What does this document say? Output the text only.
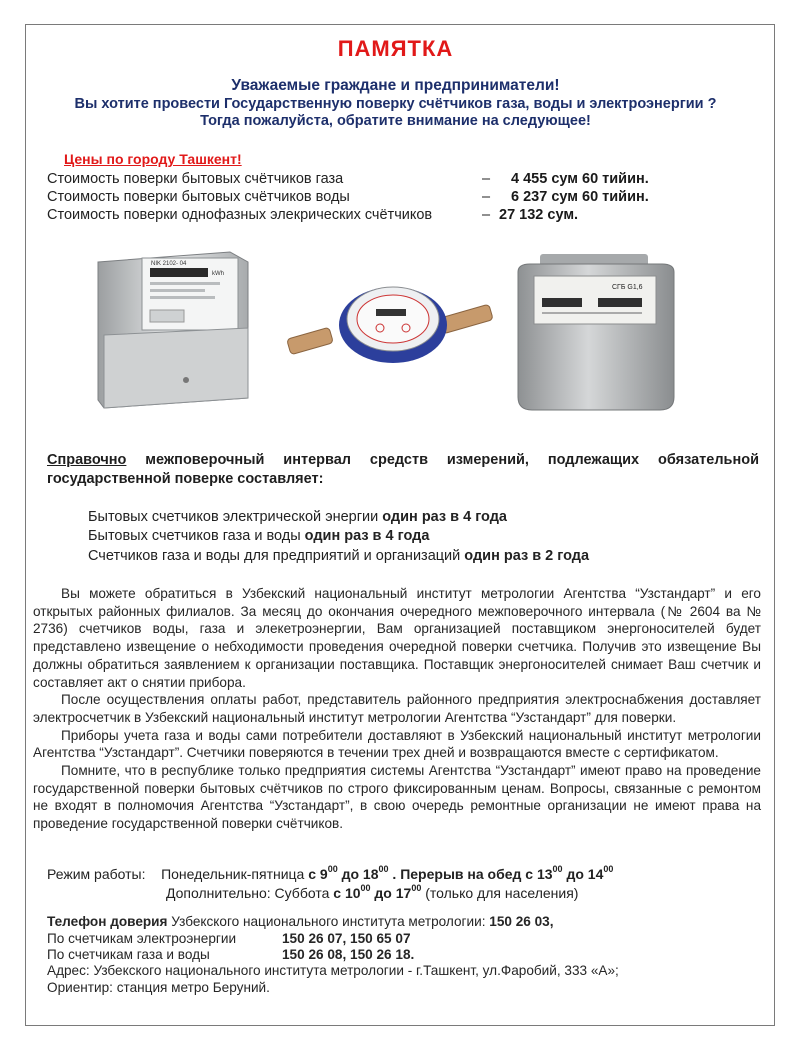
ПАМЯТКА
Уважаемые граждане и предприниматели!
Вы хотите провести Государственную поверку счётчиков газа, воды и электроэнергии ?
Тогда пожалуйста, обратите внимание на следующее!
Цены по городу Ташкент!
Стоимость поверки бытовых счётчиков газа	– 4 455 сум 60 тийин.
Стоимость поверки бытовых счётчиков воды	– 6 237 сум 60 тийин.
Стоимость поверки однофазных элекрических счётчиков	– 27 132 сум.
NIK 2102- 04
kWh
СГБ G1,6
Справочно межповерочный интервал средств измерений, подлежащих обязательной государственной поверке составляет:
Бытовых счетчиков электрической энергии один раз в 4 года
Бытовых счетчиков газа и воды один раз в 4 года
Счетчиков газа и воды для предприятий и организаций один раз в 2 года

Вы можете обратиться в Узбекский национальный институт метрологии Агентства “Узстандарт” и его открытых районных филиалов. За месяц до окончания очередного межповерочного интервала (№ 2604 ва № 2736) счетчиков воды, газа и элекетроэнергии, Вам организацией поставщиком энергоносителей будет представлено извещение о небходимости проведения очередной поверки счетчика. Получив это извещение Вы должны обратиться заявлением к организации поставщика. Поставщик энергоносителей снимает Ваш счетчик и составляет акт о снятии прибора.

После осуществления оплаты работ, представитель районного предприятия электроснабжения доставляет электросчетчик в Узбекский национальный институт метрологии Агентства “Узстандарт” для поверки.

Приборы учета газа и воды сами потребители доставляют в Узбекский национальный институт метрологии Агентства “Узстандарт”. Счетчики поверяются в течении трех дней и возвращаются вместе с сертификатом.

Помните, что в республике только предприятия системы Агентства “Узстандарт” имеют право на проведение государственной поверки бытовых счётчиков по строго фиксированным ценам. Вопросы, связанные с ремонтом не входят в полномочия Агентства “Узстандарт”, в свою очередь ремонтные организации не имеют права на проведение государственной поверки счётчиков.

Режим работы: Понедельник-пятница с $9^{00}$ до $18^{00}$ . Перерыв на обед с $13^{00}$ до $14^{00}$
Дополнительно: Суббота с $10^{00}$ до $17^{00}$ (только для населения)
Телефон доверия Узбекского национального института метрологии: 150 26 03,
По счетчикам электроэнергии	150 26 07, 150 65 07
По счетчикам газа и воды	150 26 08, 150 26 18.
Адрес: Узбекского национального института метрологии - г.Ташкент, ул.Фаробий, 333 «А»;
Ориентир: станция метро Беруний.
